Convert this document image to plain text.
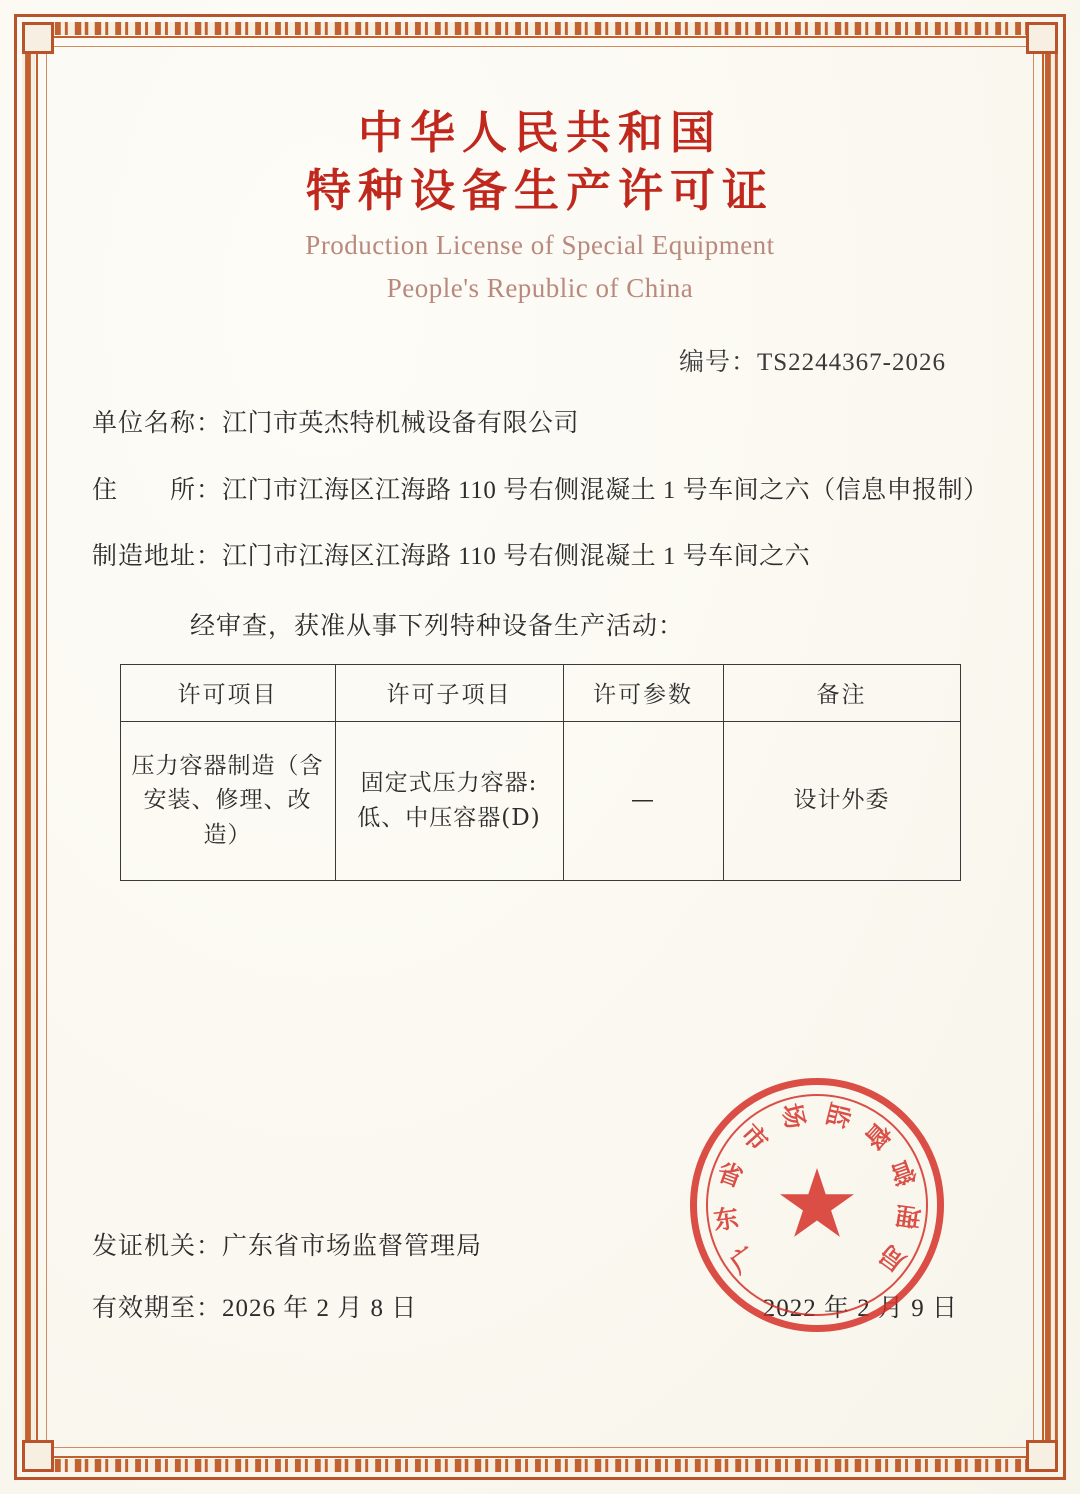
中华人民共和国
特种设备生产许可证
Production License of Special Equipment
People's Republic of China
编号：TS2244367-2026
单位名称：江门市英杰特机械设备有限公司
住　　所：江门市江海区江海路 110 号右侧混凝土 1 号车间之六（信息申报制）
制造地址：江门市江海区江海路 110 号右侧混凝土 1 号车间之六
经审查，获准从事下列特种设备生产活动：
许可项目	许可子项目	许可参数	备注
压力容器制造（含安装、修理、改造）	固定式压力容器:低、中压容器(D)	—	设计外委
发证机关：广东省市场监督管理局
有效期至：2026 年 2 月 8 日	2022 年 2 月 9 日
广
东
省
市
场 监
督
管
理
局
